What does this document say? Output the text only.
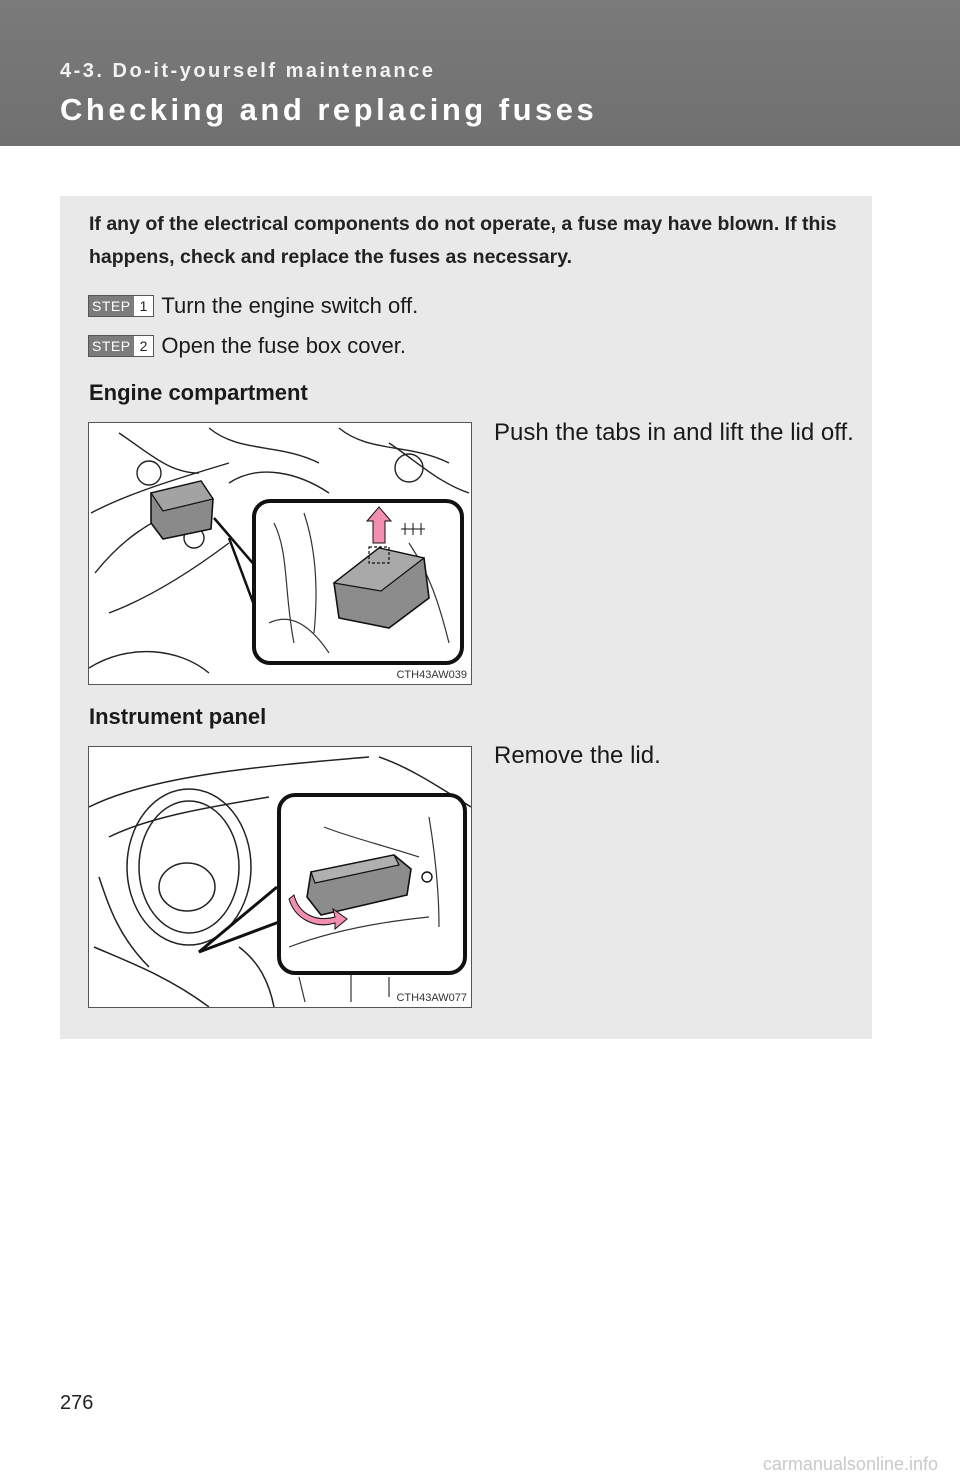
4-3. Do-it-yourself maintenance
Checking and replacing fuses
If any of the electrical components do not operate, a fuse may have blown. If this happens, check and replace the fuses as necessary.
STEP 1 Turn the engine switch off.
STEP 2 Open the fuse box cover.
Engine compartment
CTH43AW039
Push the tabs in and lift the lid off.
Instrument panel
CTH43AW077
Remove the lid.
276
carmanualsonline.info
